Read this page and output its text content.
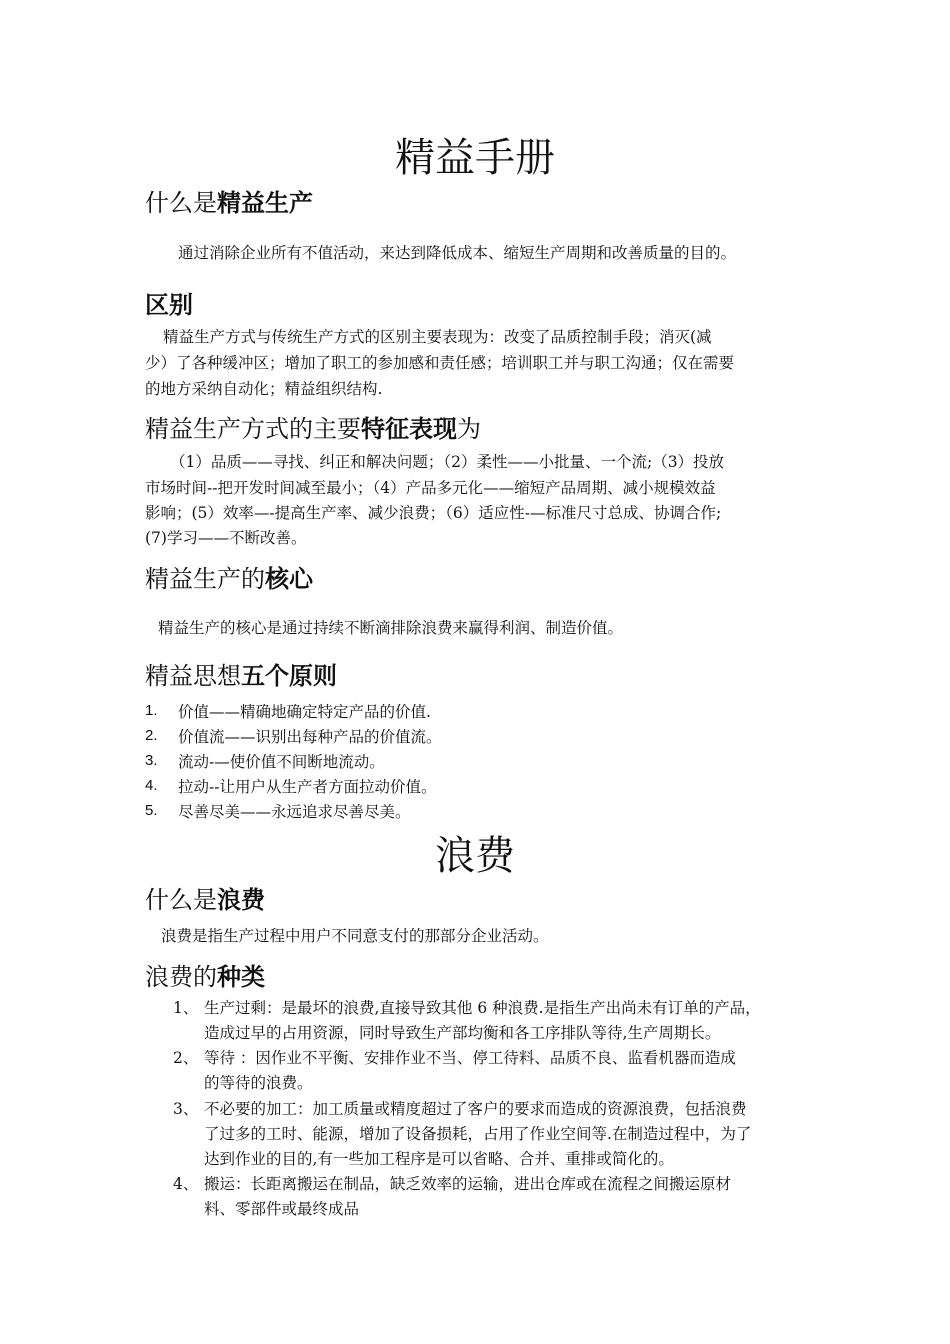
精益手册
什么是精益生产
通过消除企业所有不值活动，来达到降低成本、缩短生产周期和改善质量的目的。
区别
精益生产方式与传统生产方式的区别主要表现为：改变了品质控制手段；消灭(减
少）了各种缓冲区；增加了职工的参加感和责任感；培训职工并与职工沟通；仅在需要
的地方采纳自动化；精益组织结构.
精益生产方式的主要特征表现为
（1）品质——寻找、纠正和解决问题；（2）柔性——小批量、一个流;（3）投放
市场时间--把开发时间减至最小；（4）产品多元化——缩短产品周期、减小规模效益
影响；(5）效率—-提高生产率、减少浪费；（6）适应性-—标准尺寸总成、协调合作;
(7)学习——不断改善。
精益生产的核心
精益生产的核心是通过持续不断滴排除浪费来赢得利润、制造价值。
精益思想五个原则
1. 价值——精确地确定特定产品的价值.
2. 价值流——识别出每种产品的价值流。
3. 流动-—使价值不间断地流动。
4. 拉动--让用户从生产者方面拉动价值。
5. 尽善尽美——永远追求尽善尽美。
浪费
什么是浪费
浪费是指生产过程中用户不同意支付的那部分企业活动。
浪费的种类
1、 生产过剩：是最坏的浪费,直接导致其他 6 种浪费.是指生产出尚未有订单的产品，
造成过早的占用资源，同时导致生产部均衡和各工序排队等待,生产周期长。
2、 等待 ：因作业不平衡、安排作业不当、停工待料、品质不良、监看机器而造成
的等待的浪费。
3、 不必要的加工：加工质量或精度超过了客户的要求而造成的资源浪费，包括浪费
了过多的工时、能源，增加了设备损耗，占用了作业空间等.在制造过程中，为了
达到作业的目的,有一些加工程序是可以省略、合并、重排或简化的。
4、 搬运：长距离搬运在制品，缺乏效率的运输，进出仓库或在流程之间搬运原材
料、零部件或最终成品
